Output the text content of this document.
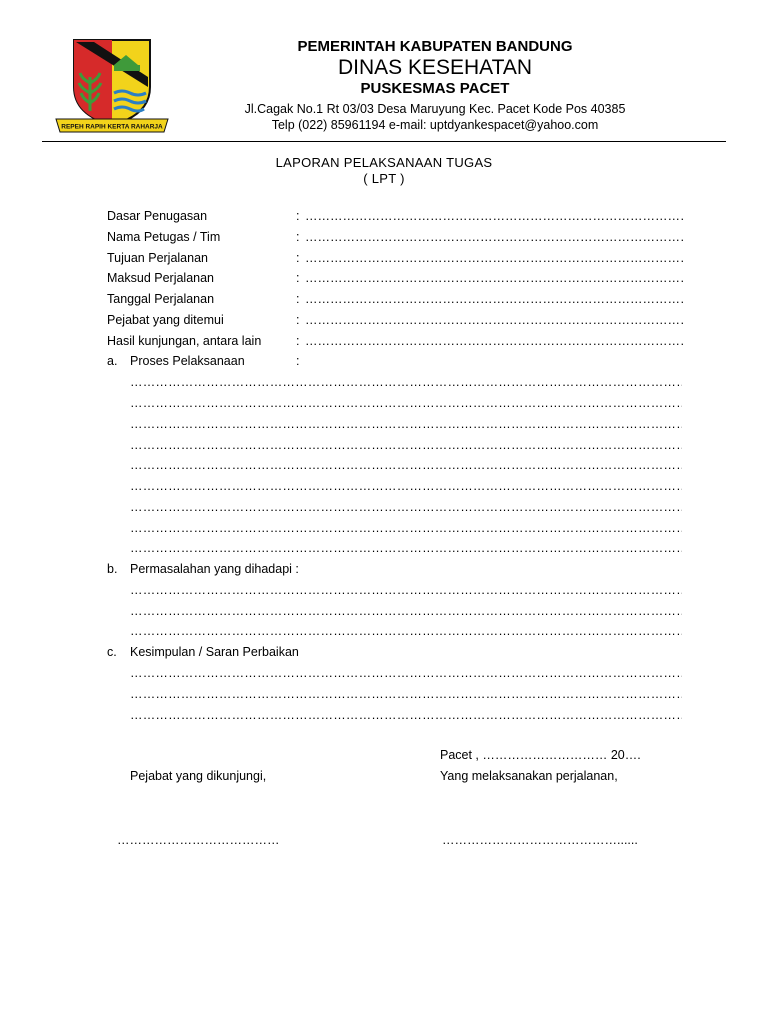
REPEH RAPIH KERTA RAHARJA
PEMERINTAH KABUPATEN BANDUNG
DINAS KESEHATAN
PUSKESMAS PACET
Jl.Cagak No.1 Rt 03/03 Desa Maruyung Kec. Pacet Kode Pos 40385
Telp (022) 85961194 e-mail: uptdyankespacet@yahoo.com
LAPORAN PELAKSANAAN TUGAS
( LPT )
Dasar Penugasan	:
……………………………………………………………………………………………………
Nama Petugas / Tim	:
……………………………………………………………………………………………………
Tujuan Perjalanan	:
……………………………………………………………………………………………………
Maksud Perjalanan	:
……………………………………………………………………………………………………
Tanggal Perjalanan	:
……………………………………………………………………………………………………
Pejabat yang ditemui	:
……………………………………………………………………………………………………
Hasil kunjungan, antara lain	:
……………………………………………………………………………………………………
a. Proses Pelaksanaan	:
…………………………………………………………………………………………………………………………………
…………………………………………………………………………………………………………………………………
…………………………………………………………………………………………………………………………………
…………………………………………………………………………………………………………………………………
…………………………………………………………………………………………………………………………………
…………………………………………………………………………………………………………………………………
…………………………………………………………………………………………………………………………………
…………………………………………………………………………………………………………………………………
…………………………………………………………………………………………………………………………………
b. Permasalahan yang dihadapi :
…………………………………………………………………………………………………………………………………
…………………………………………………………………………………………………………………………………
…………………………………………………………………………………………………………………………………
c. Kesimpulan / Saran Perbaikan
…………………………………………………………………………………………………………………………………
…………………………………………………………………………………………………………………………………
…………………………………………………………………………………………………………………………………
Pacet , ………………………… 20….
Pejabat yang dikunjungi,	Yang melaksanakan perjalanan,
…………………………………	……………………………………......
